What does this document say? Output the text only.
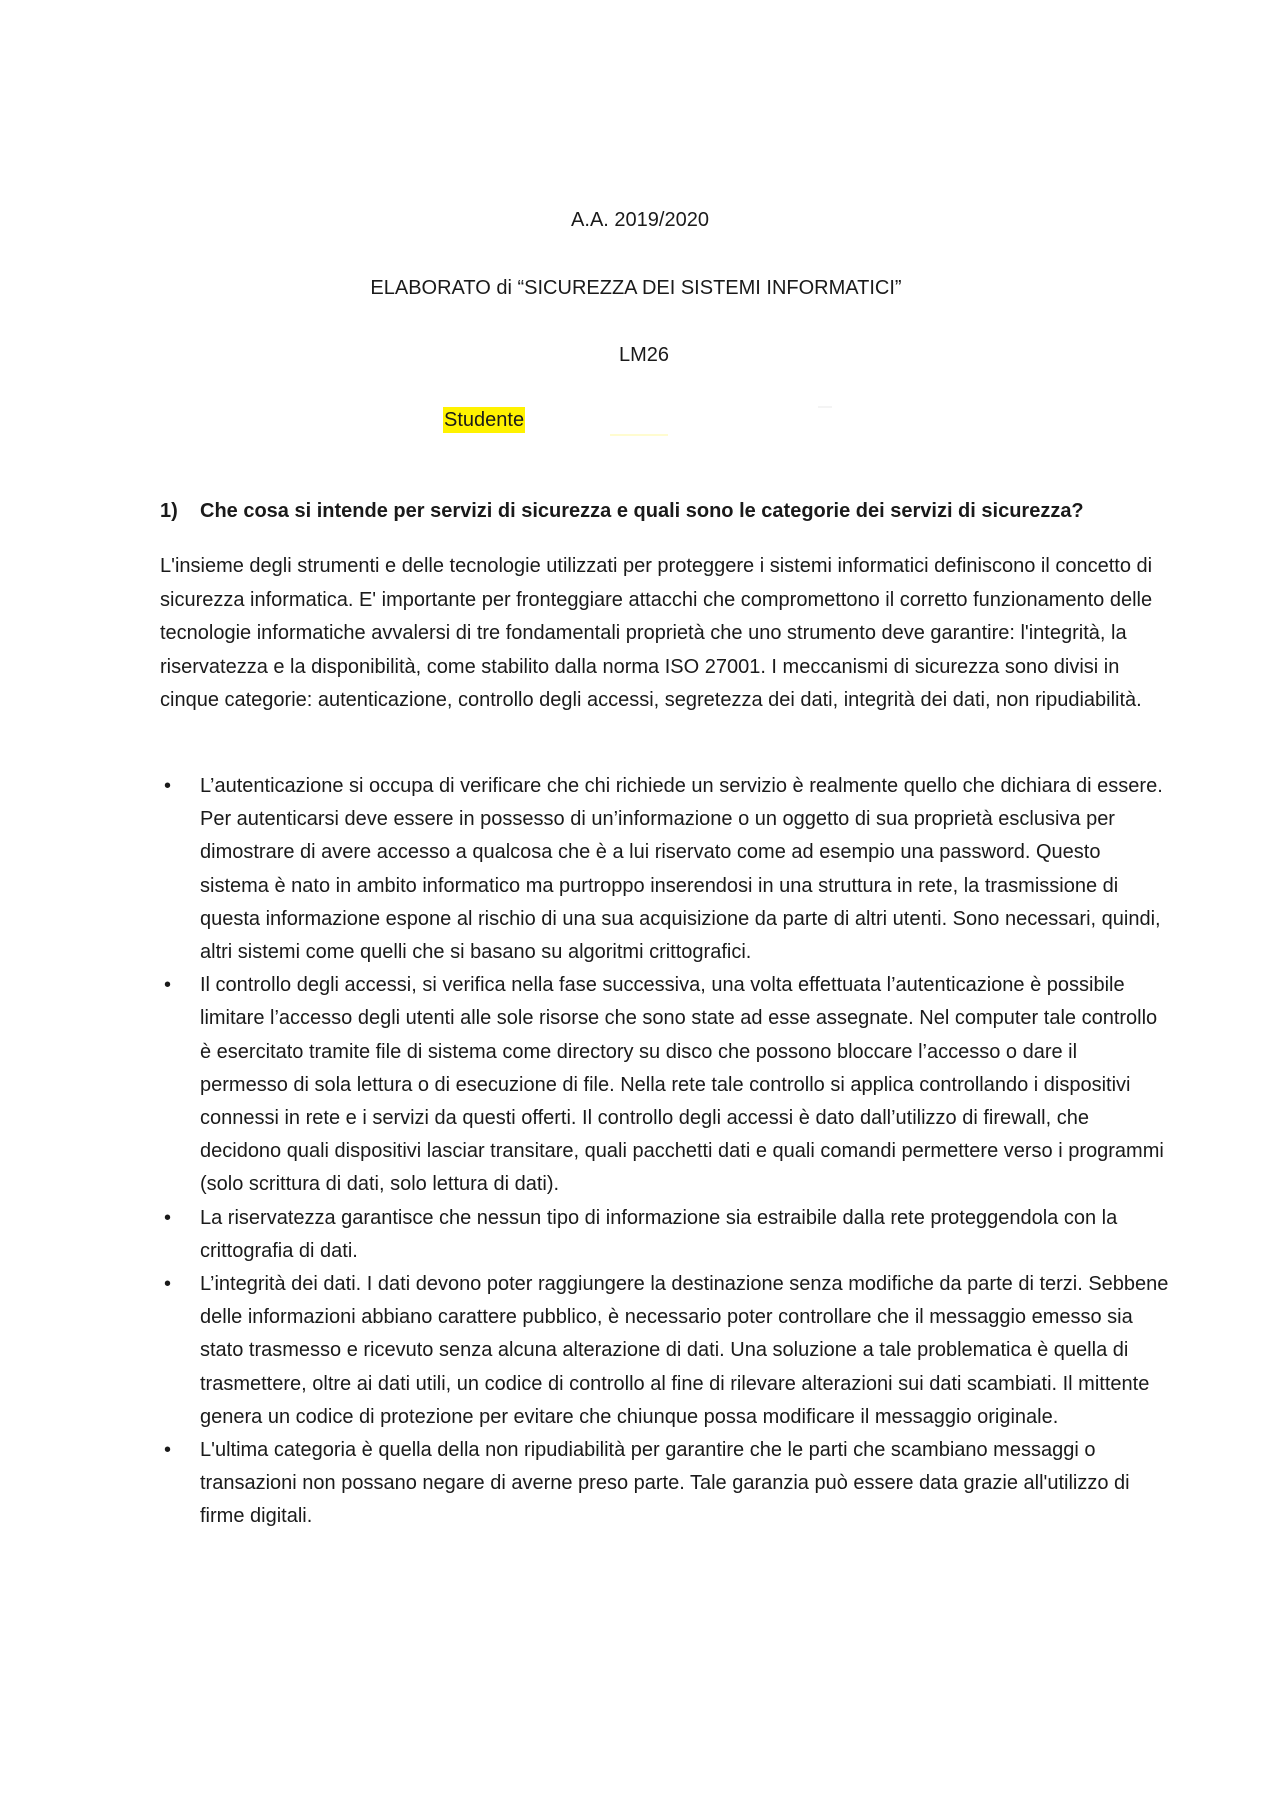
A.A. 2019/2020
ELABORATO di “SICUREZZA DEI SISTEMI INFORMATICI”
LM26
Studente
1) Che cosa si intende per servizi di sicurezza e quali sono le categorie dei servizi di sicurezza?

L'insieme degli strumenti e delle tecnologie utilizzati per proteggere i sistemi informatici definiscono il concetto di sicurezza informatica. E' importante per fronteggiare attacchi che compromettono il corretto funzionamento delle tecnologie informatiche avvalersi di tre fondamentali proprietà che uno strumento deve garantire: l'integrità, la riservatezza e la disponibilità, come stabilito dalla norma ISO 27001. I meccanismi di sicurezza sono divisi in cinque categorie: autenticazione, controllo degli accessi, segretezza dei dati, integrità dei dati, non ripudiabilità.

• L’autenticazione si occupa di verificare che chi richiede un servizio è realmente quello che dichiara di essere. Per autenticarsi deve essere in possesso di un’informazione o un oggetto di sua proprietà esclusiva per dimostrare di avere accesso a qualcosa che è a lui riservato come ad esempio una password. Questo sistema è nato in ambito informatico ma purtroppo inserendosi in una struttura in rete, la trasmissione di questa informazione espone al rischio di una sua acquisizione da parte di altri utenti. Sono necessari, quindi, altri sistemi come quelli che si basano su algoritmi crittografici.
• Il controllo degli accessi, si verifica nella fase successiva, una volta effettuata l’autenticazione è possibile limitare l’accesso degli utenti alle sole risorse che sono state ad esse assegnate. Nel computer tale controllo è esercitato tramite file di sistema come directory su disco che possono bloccare l’accesso o dare il permesso di sola lettura o di esecuzione di file. Nella rete tale controllo si applica controllando i dispositivi connessi in rete e i servizi da questi offerti. Il controllo degli accessi è dato dall’utilizzo di firewall, che decidono quali dispositivi lasciar transitare, quali pacchetti dati e quali comandi permettere verso i programmi (solo scrittura di dati, solo lettura di dati).
• La riservatezza garantisce che nessun tipo di informazione sia estraibile dalla rete proteggendola con la crittografia di dati.
• L’integrità dei dati. I dati devono poter raggiungere la destinazione senza modifiche da parte di terzi. Sebbene delle informazioni abbiano carattere pubblico, è necessario poter controllare che il messaggio emesso sia stato trasmesso e ricevuto senza alcuna alterazione di dati. Una soluzione a tale problematica è quella di trasmettere, oltre ai dati utili, un codice di controllo al fine di rilevare alterazioni sui dati scambiati. Il mittente genera un codice di protezione per evitare che chiunque possa modificare il messaggio originale.
• L'ultima categoria è quella della non ripudiabilità per garantire che le parti che scambiano messaggi o transazioni non possano negare di averne preso parte. Tale garanzia può essere data grazie all'utilizzo di firme digitali.
